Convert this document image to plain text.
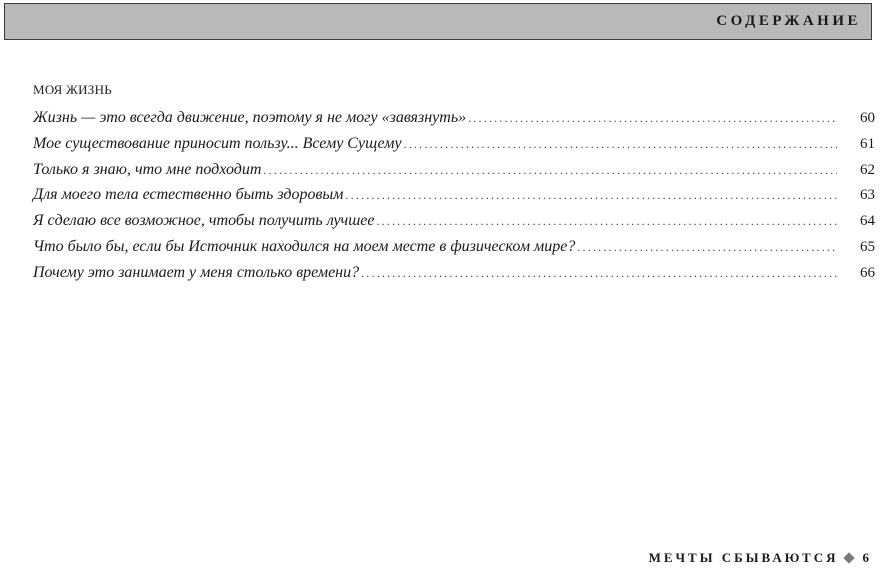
СОДЕРЖАНИЕ
МОЯ ЖИЗНЬ
Жизнь — это всегда движение, поэтому я не могу «завязнуть» .....	60
Мое существование приносит пользу... Всему Сущему .....	61
Только я знаю, что мне подходит .....	62
Для моего тела естественно быть здоровым .....	63
Я сделаю все возможное, чтобы получить лучшее .....	64
Что было бы, если бы Источник находился на моем месте в физическом мире? .....	65
Почему это занимает у меня столько времени? .....	66
МЕЧТЫ СБЫВАЮТСЯ 6
